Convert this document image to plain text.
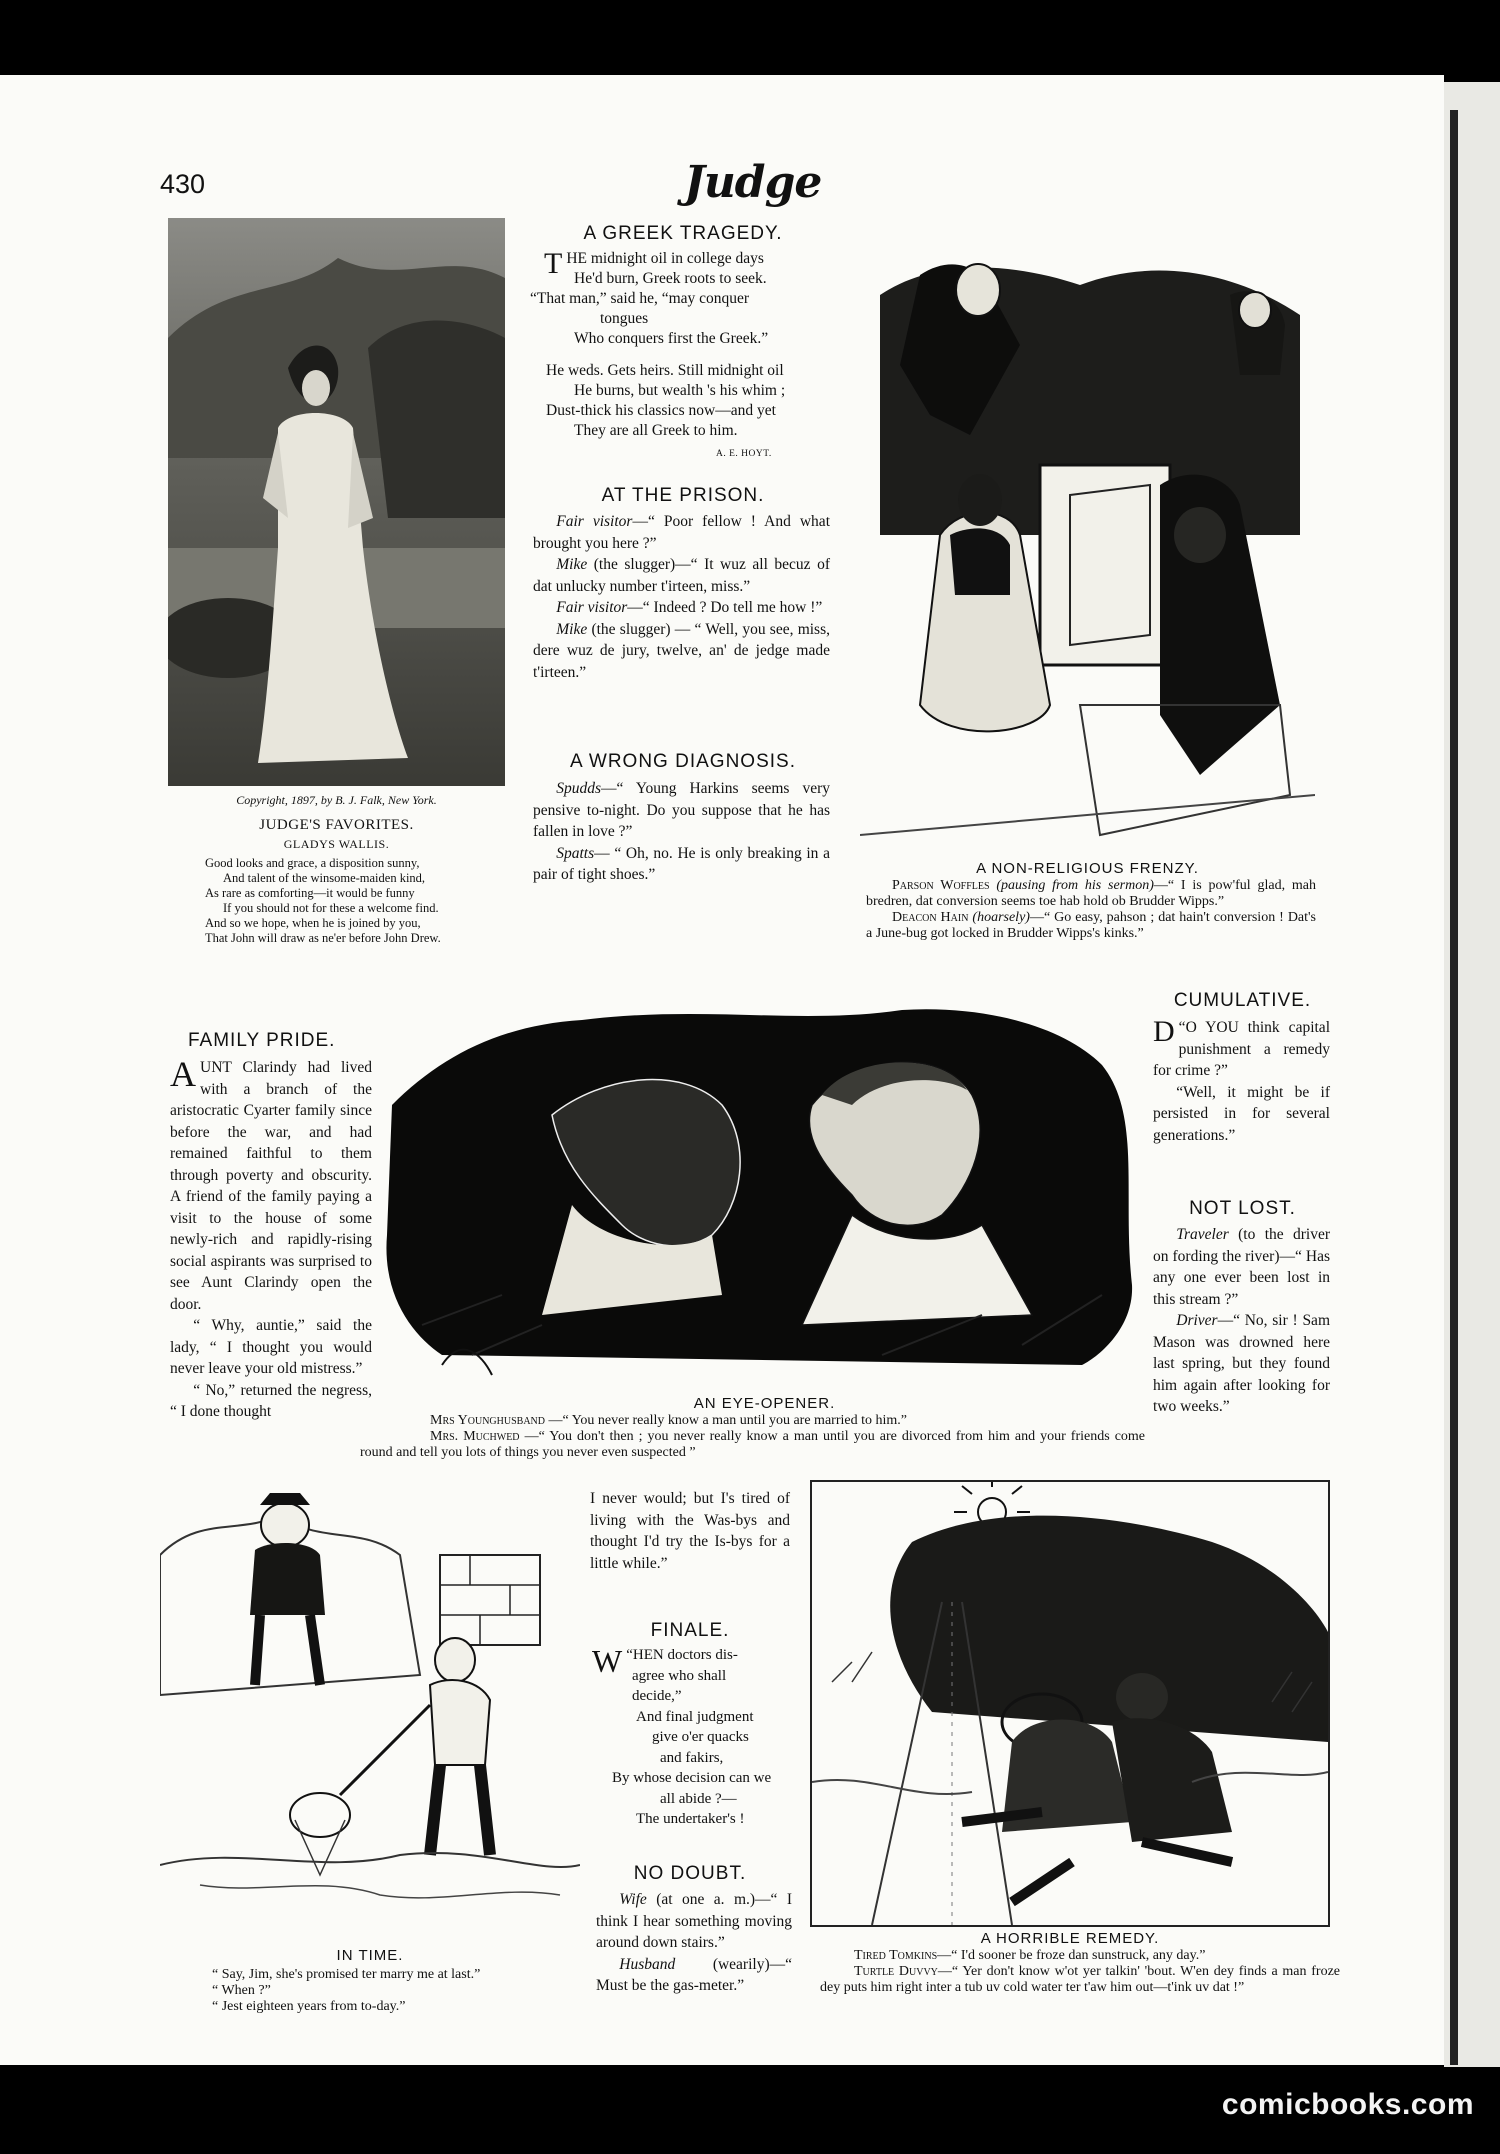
430	Judge
Copyright, 1897, by B. J. Falk, New York.
JUDGE'S FAVORITES.
GLADYS WALLIS.
Good looks and grace, a disposition sunny,
And talent of the winsome-maiden kind,
As rare as comforting—it would be funny
If you should not for these a welcome find.
And so we hope, when he is joined by you,
That John will draw as ne'er before John Drew.
A GREEK TRAGEDY.
THE midnight oil in college days
He'd burn, Greek roots to seek.
“That man,” said he, “may conquer
tongues
Who conquers first the Greek.”
He weds. Gets heirs. Still midnight oil
He burns, but wealth 's his whim ;
Dust-thick his classics now—and yet
They are all Greek to him.
A. E. HOYT.
AT THE PRISON.

Fair visitor—“ Poor fellow ! And what brought you here ?”

Mike (the slugger)—“ It wuz all becuz of dat unlucky number t'irteen, miss.”

Fair visitor—“ Indeed ? Do tell me how !”

Mike (the slugger) — “ Well, you see, miss, dere wuz de jury, twelve, an' de jedge made t'irteen.”

A WRONG DIAGNOSIS.

Spudds—“ Young Harkins seems very pensive to-night. Do you suppose that he has fallen in love ?”

Spatts— “ Oh, no. He is only breaking in a pair of tight shoes.”	A NON-RELIGIOUS FRENZY.
Parson Woffles (pausing from his sermon)—“ I is pow'ful glad, mah bredren, dat conversion seems toe hab hold ob Brudder Wipps.”
Deacon Hain (hoarsely)—“ Go easy, pahson ; dat hain't conversion ! Dat's a June-bug got locked in Brudder Wipps's kinks.”
FAMILY PRIDE.

AUNT Clarindy had lived with a branch of the aristocratic Cyarter family since before the war, and had remained faithful to them through poverty and obscurity. A friend of the family paying a visit to the house of some newly-rich and rapidly-rising social aspirants was surprised to see Aunt Clarindy open the door.

“ Why, auntie,” said the lady, “ I thought you would never leave your old mistress.”

“ No,” returned the negress, “ I done thought	AN EYE-OPENER.
Mrs Younghusband —“ You never really know a man until you are married to him.”
Mrs. Muchwed —“ You don't then ; you never really know a man until you are divorced from him and your friends come round and tell you lots of things you never even suspected ”
CUMULATIVE.

“
D O YOU think capital punishment a remedy for crime ?”

“Well, it might be if persisted in for several generations.”

NOT LOST.

Traveler (to the driver on fording the river)—“ Has any one ever been lost in this stream ?”

Driver—“ No, sir ! Sam Mason was drowned here last spring, but they found him again after looking for two weeks.”

IN TIME.
“ Say, Jim, she's promised ter marry me at last.”
“ When ?”
“ Jest eighteen years from to-day.”

I never would; but I's tired of living with the Was-bys and thought I'd try the Is-bys for a little while.”

FINALE.
“
W HEN doctors dis-
agree who shall
decide,”
And final judgment
give o'er quacks
and fakirs,
By whose decision can we
all abide ?—
The undertaker's !
NO DOUBT.

Wife (at one a. m.)—“ I think I hear something moving around down stairs.”

Husband (wearily)—“ Must be the gas-meter.”

A HORRIBLE REMEDY.
Tired Tomkins—“ I'd sooner be froze dan sunstruck, any day.”
Turtle Duvvy—“ Yer don't know w'ot yer talkin' 'bout. W'en dey finds a man froze dey puts him right inter a tub uv cold water ter t'aw him out—t'ink uv dat !”
comicbooks.com
